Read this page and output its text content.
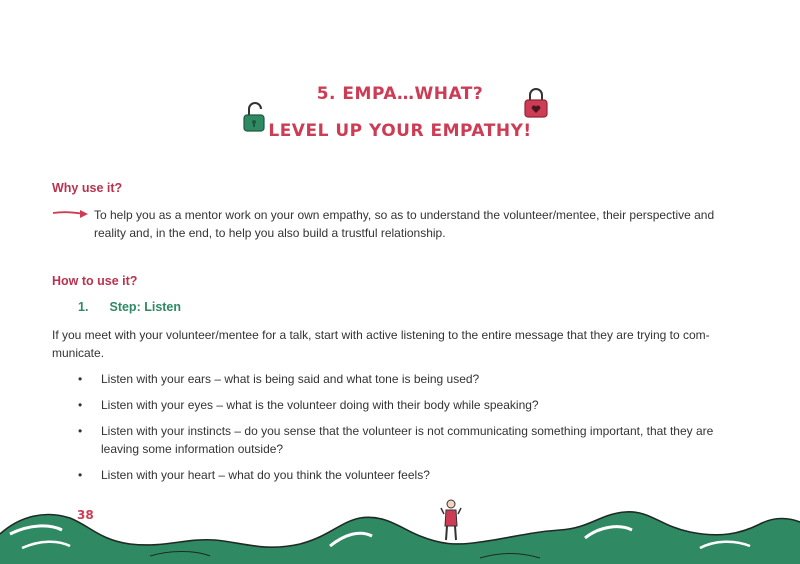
5. EMPA…WHAT?
LEVEL UP YOUR EMPATHY!
Why use it?
To help you as a mentor work on your own empathy, so as to understand the volunteer/mentee, their perspective and
reality and, in the end, to help you also build a trustful relationship.
How to use it?
1. Step: Listen
If you meet with your volunteer/mentee for a talk, start with active listening to the entire message that they are trying to com-
municate.
• Listen with your ears – what is being said and what tone is being used?
• Listen with your eyes – what is the volunteer doing with their body while speaking?
• Listen with your instincts – do you sense that the volunteer is not communicating something important, that they are
leaving some information outside?
• Listen with your heart – what do you think the volunteer feels?
38
